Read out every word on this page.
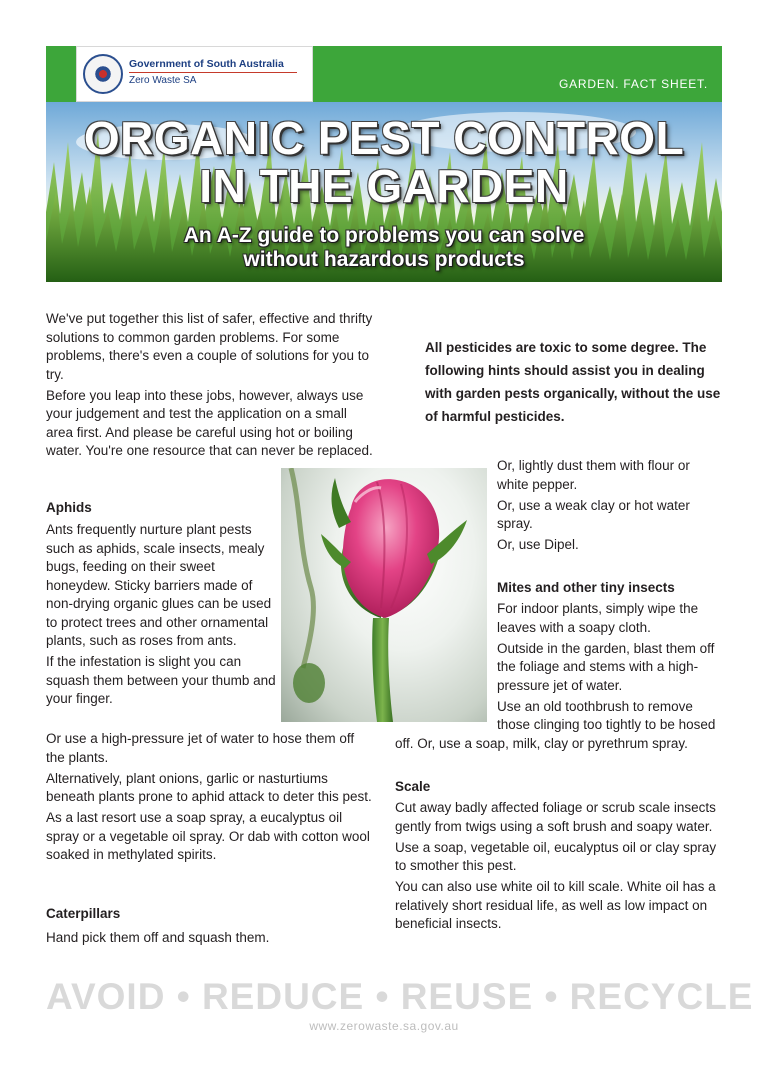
Government of South Australia
Zero Waste SA	GARDEN. FACT SHEET.
ORGANIC PEST CONTROL
IN THE GARDEN
An A-Z guide to problems you can solve
without hazardous products

We've put together this list of safer, effective and thrifty solutions to common garden problems. For some problems, there's even a couple of solutions for you to try.

Before you leap into these jobs, however, always use your judgement and test the application on a small area first. And please be careful using hot or boiling water. You're one resource that can never be replaced.

All pesticides are toxic to some degree. The following hints should assist you in dealing with garden pests organically, without the use of harmful pesticides.
Aphids

Ants frequently nurture plant pests such as aphids, scale insects, mealy bugs, feeding on their sweet honeydew. Sticky barriers made of non-drying organic glues can be used to protect trees and other ornamental plants, such as roses from ants.

If the infestation is slight you can squash them between your thumb and your finger.

Or use a high-pressure jet of water to hose them off the plants.

Alternatively, plant onions, garlic or nasturtiums beneath plants prone to aphid attack to deter this pest.

As a last resort use a soap spray, a eucalyptus oil spray or a vegetable oil spray. Or dab with cotton wool soaked in methylated spirits.

Caterpillars

Hand pick them off and squash them.

Or, lightly dust them with flour or white pepper.

Or, use a weak clay or hot water spray.

Or, use Dipel.

Mites and other tiny insects

For indoor plants, simply wipe the leaves with a soapy cloth.

Outside in the garden, blast them off the foliage and stems with a high-pressure jet of water.

Use an old toothbrush to remove those clinging too tightly to be hosed

off. Or, use a soap, milk, clay or pyrethrum spray.
Scale

Cut away badly affected foliage or scrub scale insects gently from twigs using a soft brush and soapy water.

Use a soap, vegetable oil, eucalyptus oil or clay spray to smother this pest.

You can also use white oil to kill scale. White oil has a relatively short residual life, as well as low impact on beneficial insects.

AVOID • REDUCE • REUSE • RECYCLE
www.zerowaste.sa.gov.au
